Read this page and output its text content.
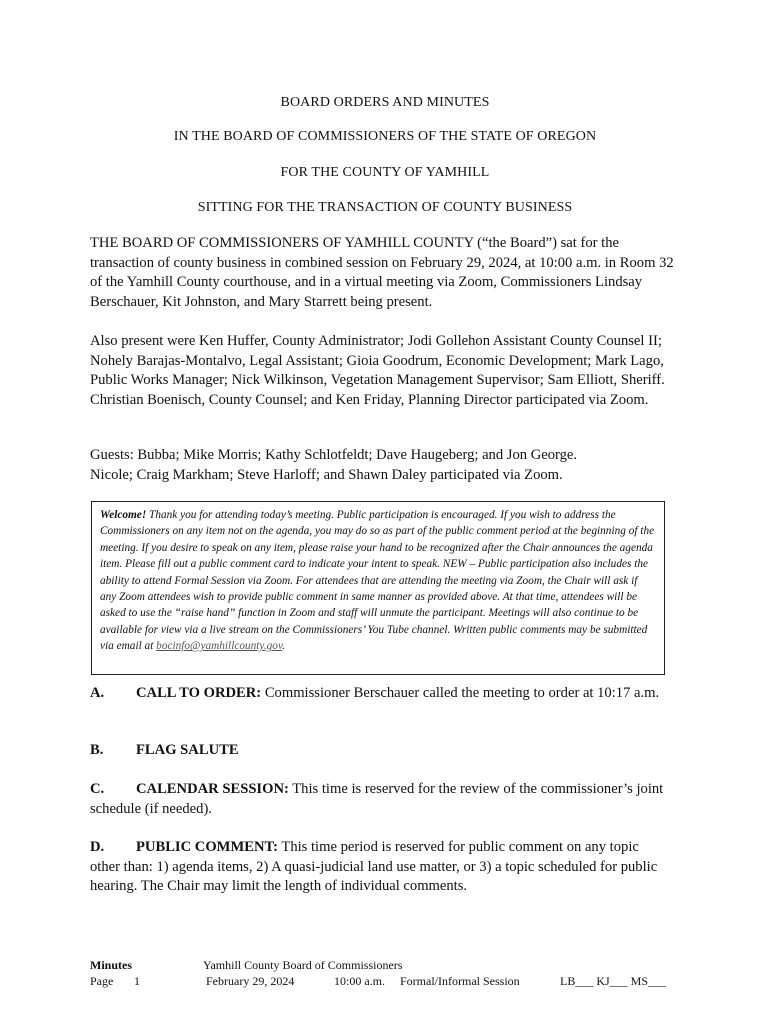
BOARD ORDERS AND MINUTES
IN THE BOARD OF COMMISSIONERS OF THE STATE OF OREGON
FOR THE COUNTY OF YAMHILL
SITTING FOR THE TRANSACTION OF COUNTY BUSINESS

THE BOARD OF COMMISSIONERS OF YAMHILL COUNTY (“the Board”) sat for the transaction of county business in combined session on February 29, 2024, at 10:00 a.m. in Room 32 of the Yamhill County courthouse, and in a virtual meeting via Zoom, Commissioners Lindsay Berschauer, Kit Johnston, and Mary Starrett being present.

Also present were Ken Huffer, County Administrator; Jodi Gollehon Assistant County Counsel II; Nohely Barajas-Montalvo, Legal Assistant; Gioia Goodrum, Economic Development; Mark Lago, Public Works Manager; Nick Wilkinson, Vegetation Management Supervisor; Sam Elliott, Sheriff. Christian Boenisch, County Counsel; and Ken Friday, Planning Director participated via Zoom.

Guests: Bubba; Mike Morris; Kathy Schlotfeldt; Dave Haugeberg; and Jon George.
Nicole; Craig Markham; Steve Harloff; and Shawn Daley participated via Zoom.

Welcome! Thank you for attending today’s meeting. Public participation is encouraged. If you wish to address the Commissioners on any item not on the agenda, you may do so as part of the public comment period at the beginning of the meeting. If you desire to speak on any item, please raise your hand to be recognized after the Chair announces the agenda item. Please fill out a public comment card to indicate your intent to speak. NEW – Public participation also includes the ability to attend Formal Session via Zoom. For attendees that are attending the meeting via Zoom, the Chair will ask if any Zoom attendees wish to provide public comment in same manner as provided above. At that time, attendees will be asked to use the “raise hand” function in Zoom and staff will unmute the participant. Meetings will also continue to be available for view via a live stream on the Commissioners’ You Tube channel. Written public comments may be submitted via email at bocinfo@yamhillcounty.gov.

A. CALL TO ORDER: Commissioner Berschauer called the meeting to order at 10:17 a.m.

B. FLAG SALUTE

C. CALENDAR SESSION: This time is reserved for the review of the commissioner’s joint schedule (if needed).

D. PUBLIC COMMENT: This time period is reserved for public comment on any topic other than: 1) agenda items, 2) A quasi-judicial land use matter, or 3) a topic scheduled for public hearing. The Chair may limit the length of individual comments.

Minutes
Page 1
Yamhill County Board of Commissioners
February 29, 2024	10:00 a.m. Formal/Informal Session	LB___ KJ___ MS___
